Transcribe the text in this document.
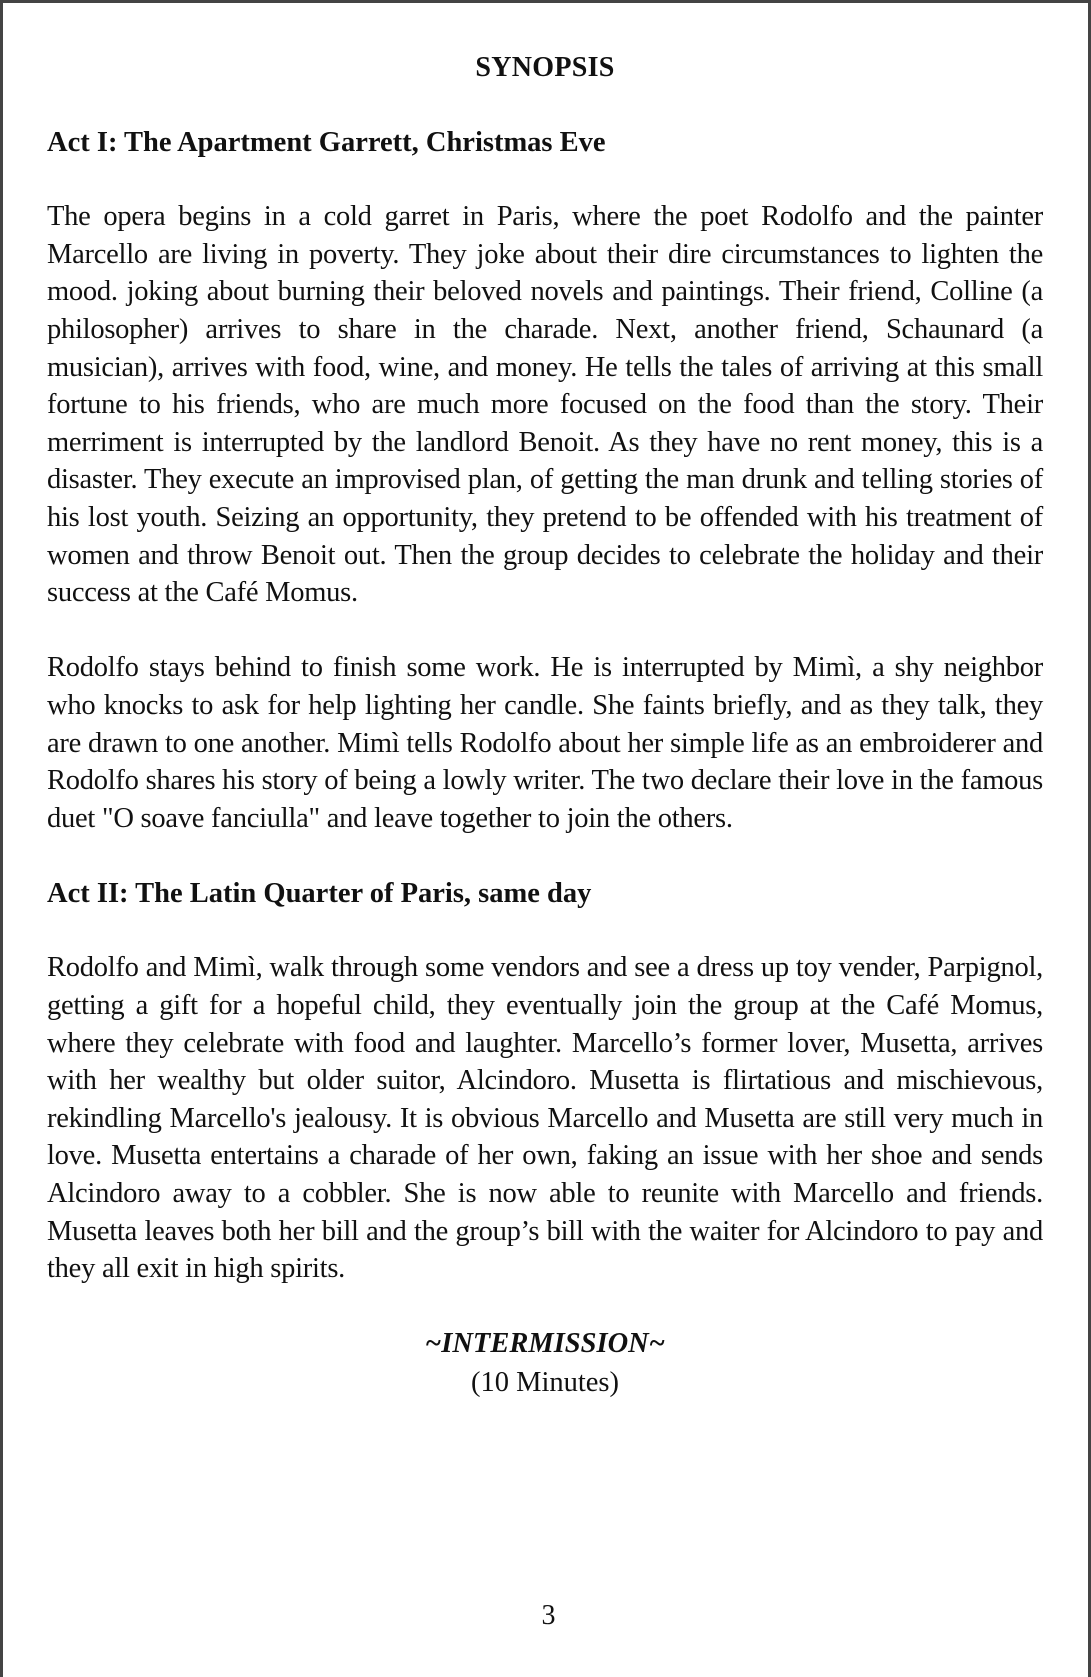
SYNOPSIS
Act I: The Apartment Garrett, Christmas Eve
The opera begins in a cold garret in Paris, where the poet Rodolfo and the painter Marcello are living in poverty. They joke about their dire circumstances to lighten the mood. joking about burning their beloved novels and paintings. Their friend, Colline (a philosopher) arrives to share in the charade. Next, another friend, Schaunard (a musician), arrives with food, wine, and money. He tells the tales of arriving at this small fortune to his friends, who are much more focused on the food than the story. Their merriment is interrupted by the landlord Benoit. As they have no rent money, this is a disaster. They execute an improvised plan, of getting the man drunk and telling stories of his lost youth. Seizing an opportunity, they pretend to be offended with his treatment of women and throw Benoit out. Then the group decides to celebrate the holiday and their success at the Café Momus.
Rodolfo stays behind to finish some work. He is interrupted by Mimì, a shy neighbor who knocks to ask for help lighting her candle. She faints briefly, and as they talk, they are drawn to one another. Mimì tells Rodolfo about her simple life as an embroiderer and Rodolfo shares his story of being a lowly writer. The two declare their love in the famous duet "O soave fanciulla" and leave together to join the others.
Act II: The Latin Quarter of Paris, same day
Rodolfo and Mimì, walk through some vendors and see a dress up toy vender, Parpignol, getting a gift for a hopeful child, they eventually join the group at the Café Momus, where they celebrate with food and laughter. Marcello’s former lover, Musetta, arrives with her wealthy but older suitor, Alcindoro. Musetta is flirtatious and mischievous, rekindling Marcello's jealousy. It is obvious Marcello and Musetta are still very much in love. Musetta entertains a charade of her own, faking an issue with her shoe and sends Alcindoro away to a cobbler. She is now able to reunite with Marcello and friends. Musetta leaves both her bill and the group’s bill with the waiter for Alcindoro to pay and they all exit in high spirits.
~INTERMISSION~
(10 Minutes)
3
